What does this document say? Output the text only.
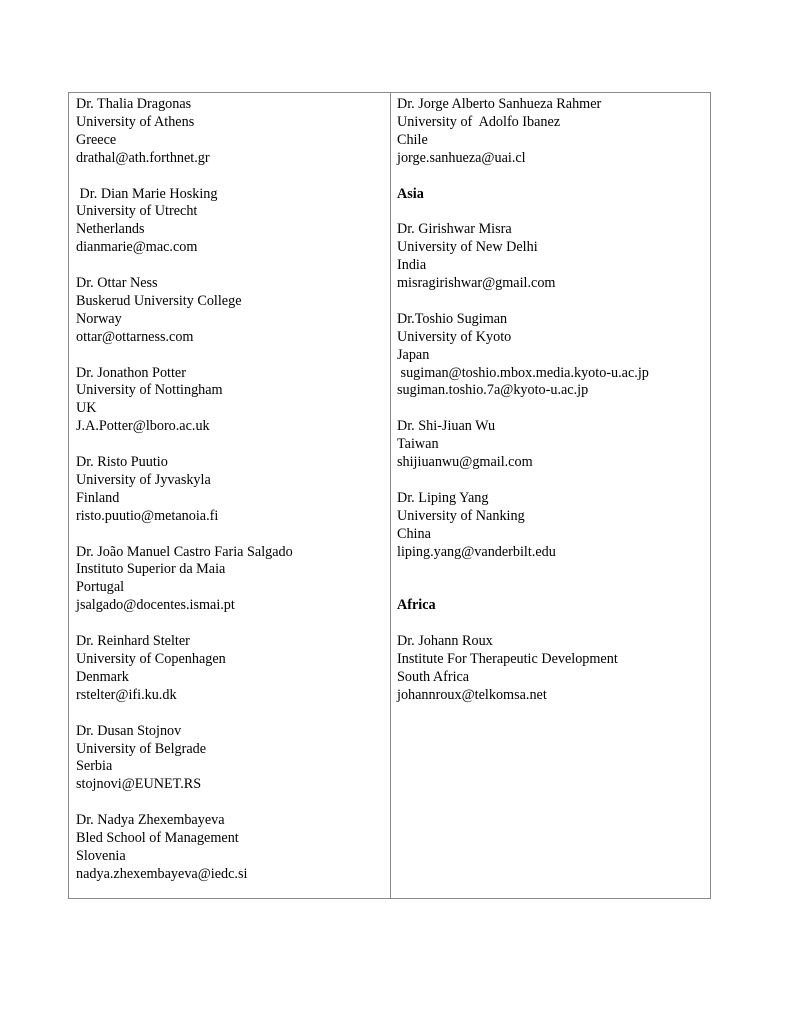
Dr. Thalia Dragonas
University of Athens
Greece
drathal@ath.forthnet.gr
Dr. Dian Marie Hosking
University of Utrecht
Netherlands
dianmarie@mac.com
Dr. Ottar Ness
Buskerud University College
Norway
ottar@ottarness.com
Dr. Jonathon Potter
University of Nottingham
UK
J.A.Potter@lboro.ac.uk
Dr. Risto Puutio
University of Jyvaskyla
Finland
risto.puutio@metanoia.fi
Dr. João Manuel Castro Faria Salgado
Instituto Superior da Maia
Portugal
jsalgado@docentes.ismai.pt
Dr. Reinhard Stelter
University of Copenhagen
Denmark
rstelter@ifi.ku.dk
Dr. Dusan Stojnov
University of Belgrade
Serbia
stojnovi@EUNET.RS
Dr. Nadya Zhexembayeva
Bled School of Management
Slovenia
nadya.zhexembayeva@iedc.si
Dr. Jorge Alberto Sanhueza Rahmer
University of  Adolfo Ibanez
Chile
jorge.sanhueza@uai.cl
Asia
Dr. Girishwar Misra
University of New Delhi
India
misragirishwar@gmail.com
Dr.Toshio Sugiman
University of Kyoto
Japan
sugiman@toshio.mbox.media.kyoto-u.ac.jp
sugiman.toshio.7a@kyoto-u.ac.jp
Dr. Shi-Jiuan Wu
Taiwan
shijiuanwu@gmail.com
Dr. Liping Yang
University of Nanking
China
liping.yang@vanderbilt.edu
Africa
Dr. Johann Roux
Institute For Therapeutic Development
South Africa
johannroux@telkomsa.net
